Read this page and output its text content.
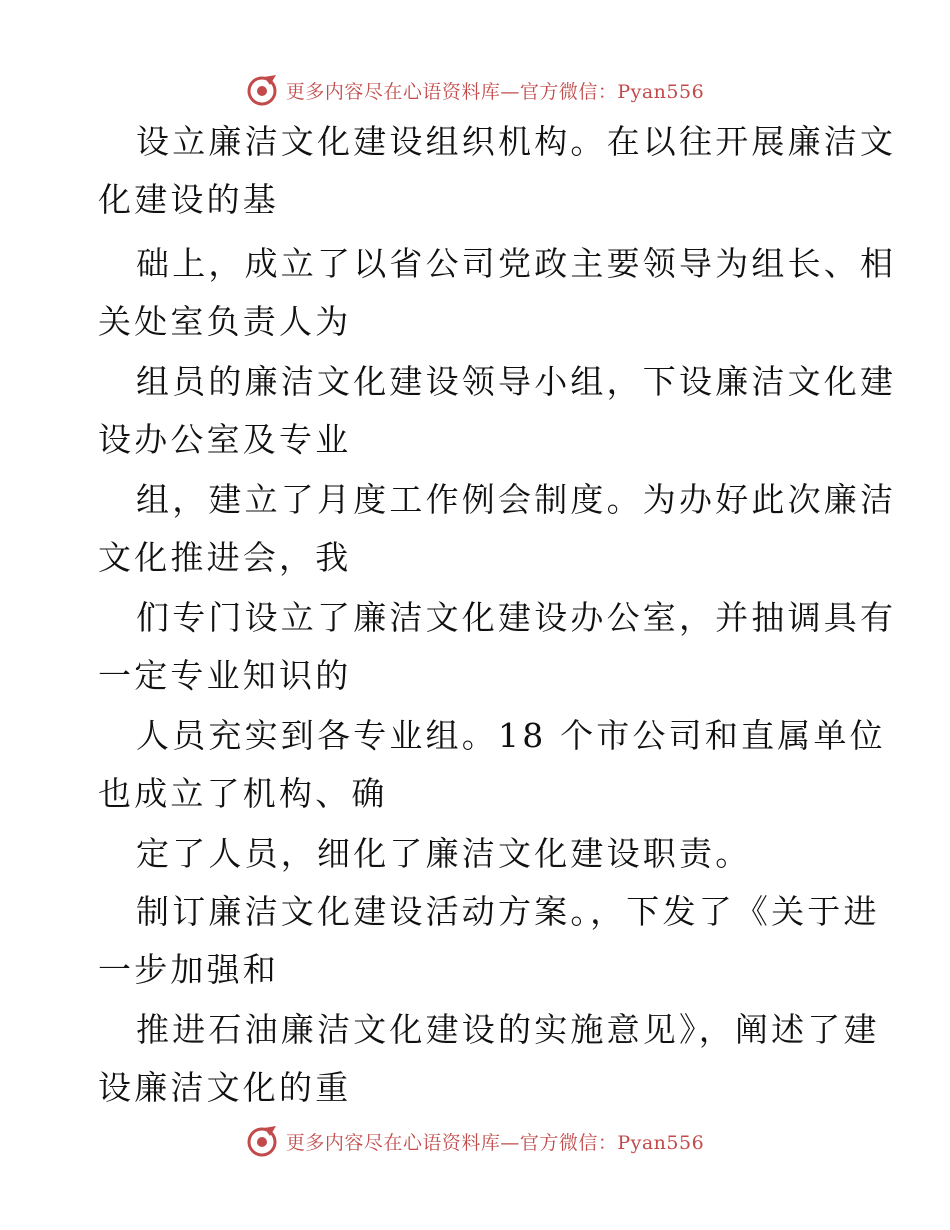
更多内容尽在心语资料库—官方微信：Pyan556
设立廉洁文化建设组织机构。在以往开展廉洁文
化建设的基
础上，成立了以省公司党政主要领导为组长、相
关处室负责人为
组员的廉洁文化建设领导小组，下设廉洁文化建
设办公室及专业
组，建立了月度工作例会制度。为办好此次廉洁
文化推进会，我
们专门设立了廉洁文化建设办公室，并抽调具有
一定专业知识的
人员充实到各专业组。18 个市公司和直属单位
也成立了机构、确
定了人员，细化了廉洁文化建设职责。
制订廉洁文化建设活动方案。，下发了《关于进
一步加强和
推进石油廉洁文化建设的实施意见》，阐述了建
设廉洁文化的重
更多内容尽在心语资料库—官方微信：Pyan556
